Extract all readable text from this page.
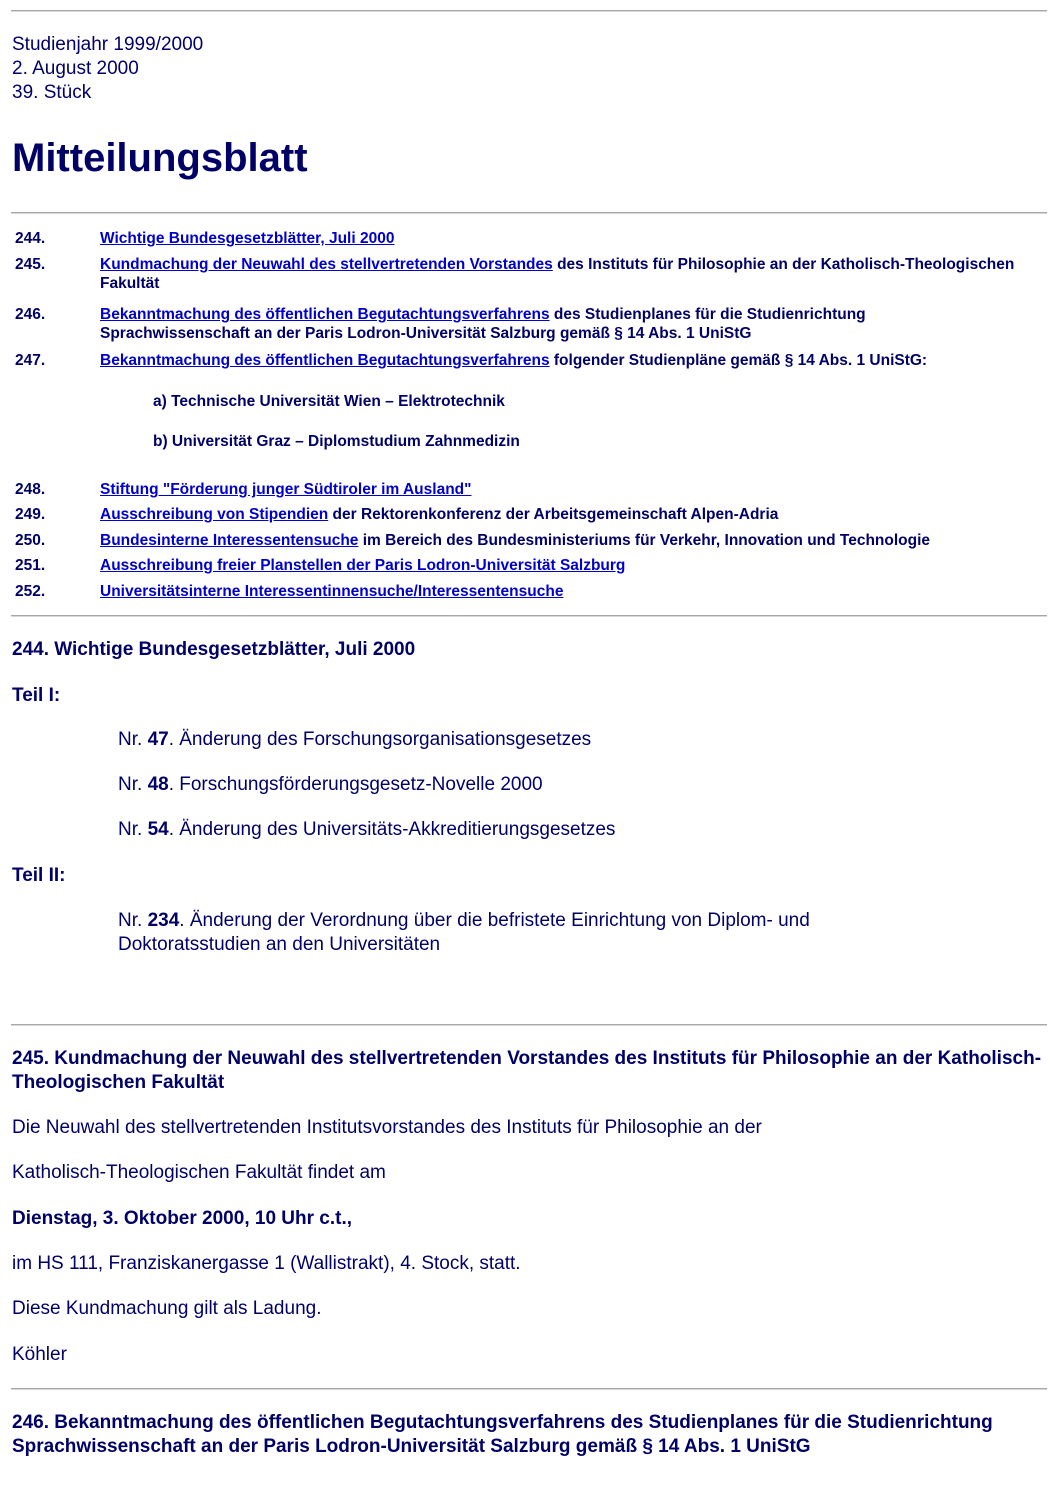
Studienjahr 1999/2000
2. August 2000
39. Stück
Mitteilungsblatt
244.	Wichtige Bundesgesetzblätter, Juli 2000
245.	Kundmachung der Neuwahl des stellvertretenden Vorstandes des Instituts für Philosophie an der Katholisch-Theologischen Fakultät
246.	Bekanntmachung des öffentlichen Begutachtungsverfahrens des Studienplanes für die Studienrichtung Sprachwissenschaft an der Paris Lodron-Universität Salzburg gemäß § 14 Abs. 1 UniStG
247.	Bekanntmachung des öffentlichen Begutachtungsverfahrens folgender Studienpläne gemäß § 14 Abs. 1 UniStG:
a) Technische Universität Wien – Elektrotechnik
b) Universität Graz – Diplomstudium Zahnmedizin
248.	Stiftung "Förderung junger Südtiroler im Ausland"
249.	Ausschreibung von Stipendien der Rektorenkonferenz der Arbeitsgemeinschaft Alpen-Adria
250.	Bundesinterne Interessentensuche im Bereich des Bundesministeriums für Verkehr, Innovation und Technologie
251.	Ausschreibung freier Planstellen der Paris Lodron-Universität Salzburg
252.	Universitätsinterne Interessentinnensuche/Interessentensuche
244. Wichtige Bundesgesetzblätter, Juli 2000
Teil I:
Nr. 47. Änderung des Forschungsorganisationsgesetzes
Nr. 48. Forschungsförderungsgesetz-Novelle 2000
Nr. 54. Änderung des Universitäts-Akkreditierungsgesetzes
Teil II:
Nr. 234. Änderung der Verordnung über die befristete Einrichtung von Diplom- und Doktoratsstudien an den Universitäten
245. Kundmachung der Neuwahl des stellvertretenden Vorstandes des Instituts für Philosophie an der Katholisch-Theologischen Fakultät
Die Neuwahl des stellvertretenden Institutsvorstandes des Instituts für Philosophie an der
Katholisch-Theologischen Fakultät findet am
Dienstag, 3. Oktober 2000, 10 Uhr c.t.,
im HS 111, Franziskanergasse 1 (Wallistrakt), 4. Stock, statt.
Diese Kundmachung gilt als Ladung.
Köhler
246. Bekanntmachung des öffentlichen Begutachtungsverfahrens des Studienplanes für die Studienrichtung Sprachwissenschaft an der Paris Lodron-Universität Salzburg gemäß § 14 Abs. 1 UniStG
